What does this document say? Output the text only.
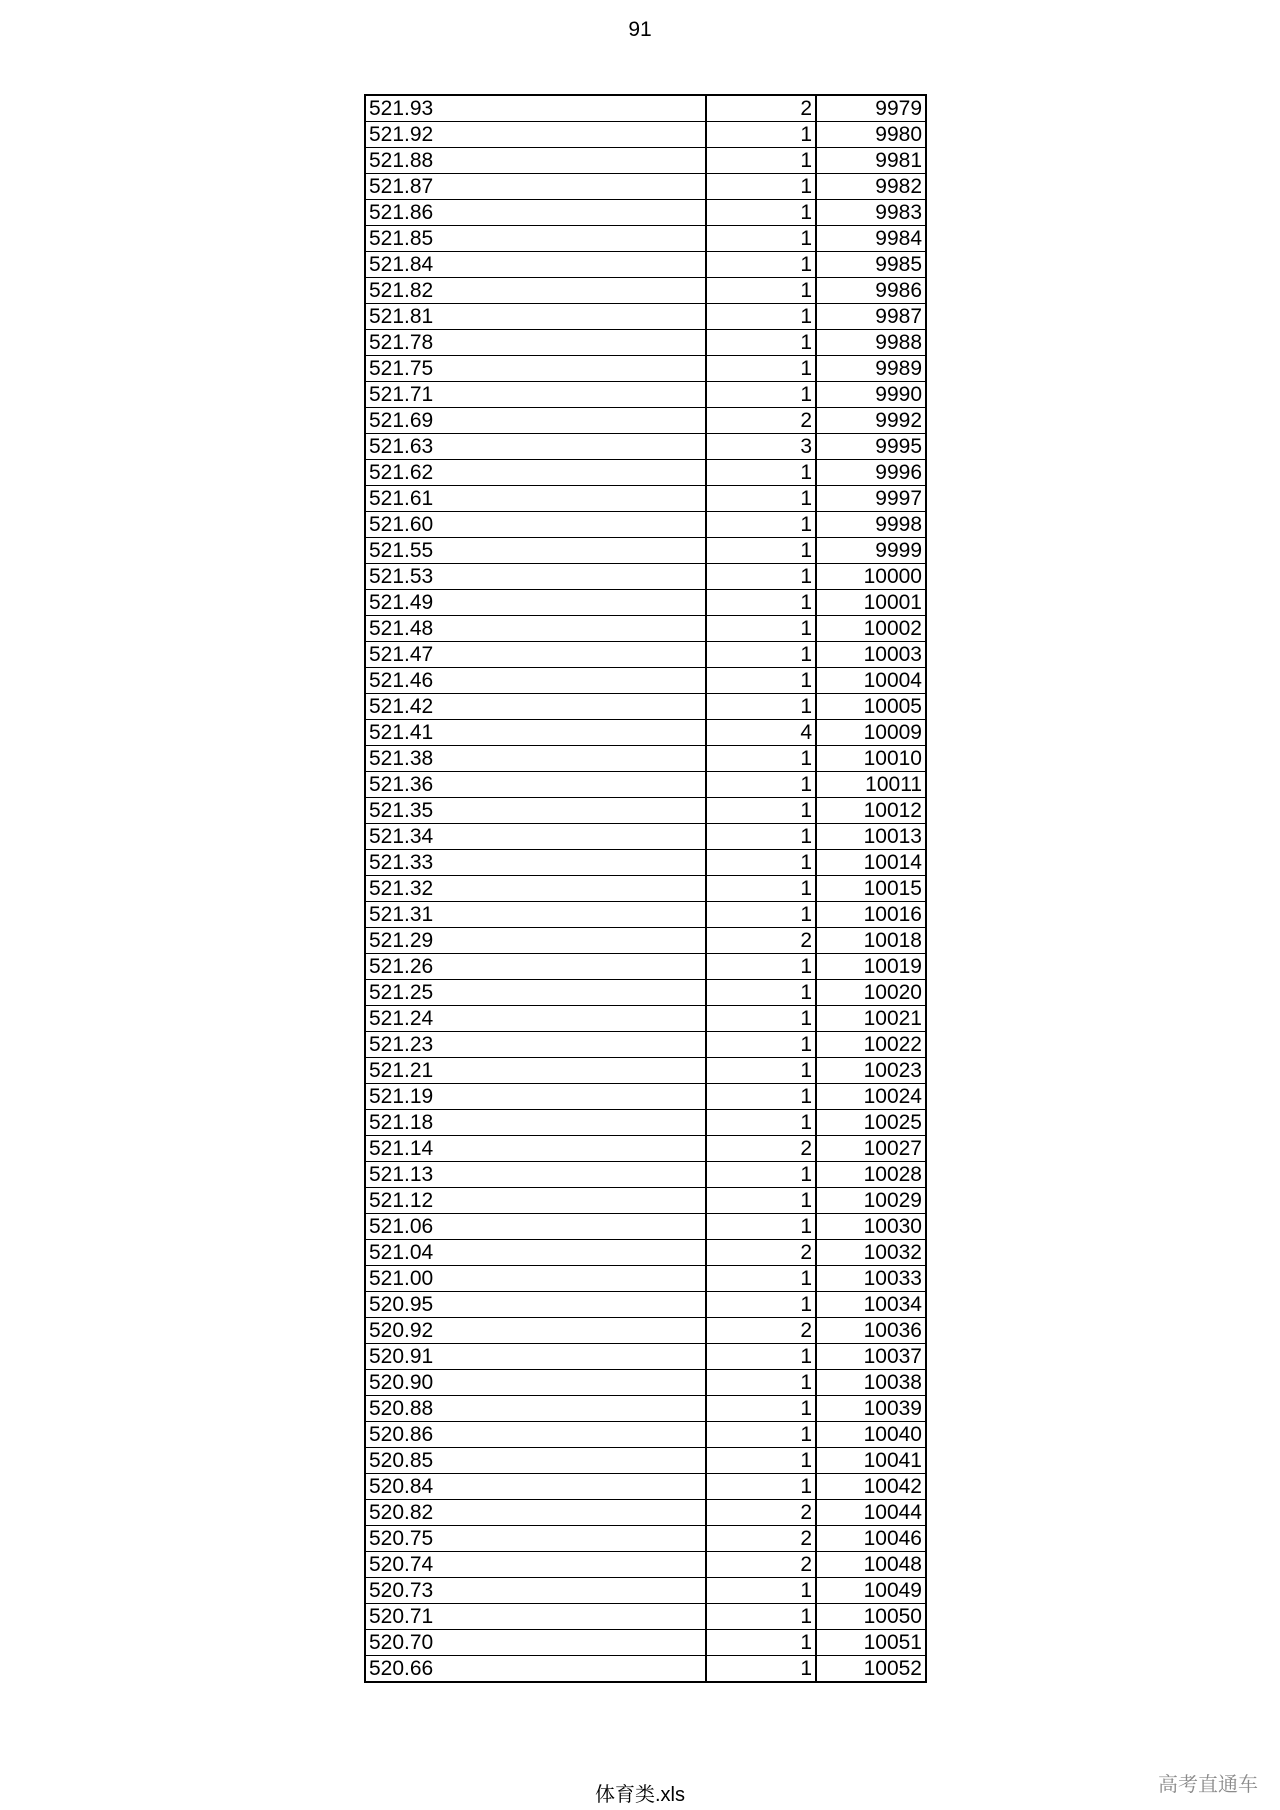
91
521.93	2	9979
521.92	1	9980
521.88	1	9981
521.87	1	9982
521.86	1	9983
521.85	1	9984
521.84	1	9985
521.82	1	9986
521.81	1	9987
521.78	1	9988
521.75	1	9989
521.71	1	9990
521.69	2	9992
521.63	3	9995
521.62	1	9996
521.61	1	9997
521.60	1	9998
521.55	1	9999
521.53	1	10000
521.49	1	10001
521.48	1	10002
521.47	1	10003
521.46	1	10004
521.42	1	10005
521.41	4	10009
521.38	1	10010
521.36	1	10011
521.35	1	10012
521.34	1	10013
521.33	1	10014
521.32	1	10015
521.31	1	10016
521.29	2	10018
521.26	1	10019
521.25	1	10020
521.24	1	10021
521.23	1	10022
521.21	1	10023
521.19	1	10024
521.18	1	10025
521.14	2	10027
521.13	1	10028
521.12	1	10029
521.06	1	10030
521.04	2	10032
521.00	1	10033
520.95	1	10034
520.92	2	10036
520.91	1	10037
520.90	1	10038
520.88	1	10039
520.86	1	10040
520.85	1	10041
520.84	1	10042
520.82	2	10044
520.75	2	10046
520.74	2	10048
520.73	1	10049
520.71	1	10050
520.70	1	10051
520.66	1	10052
体育类.xls	高考直通车
